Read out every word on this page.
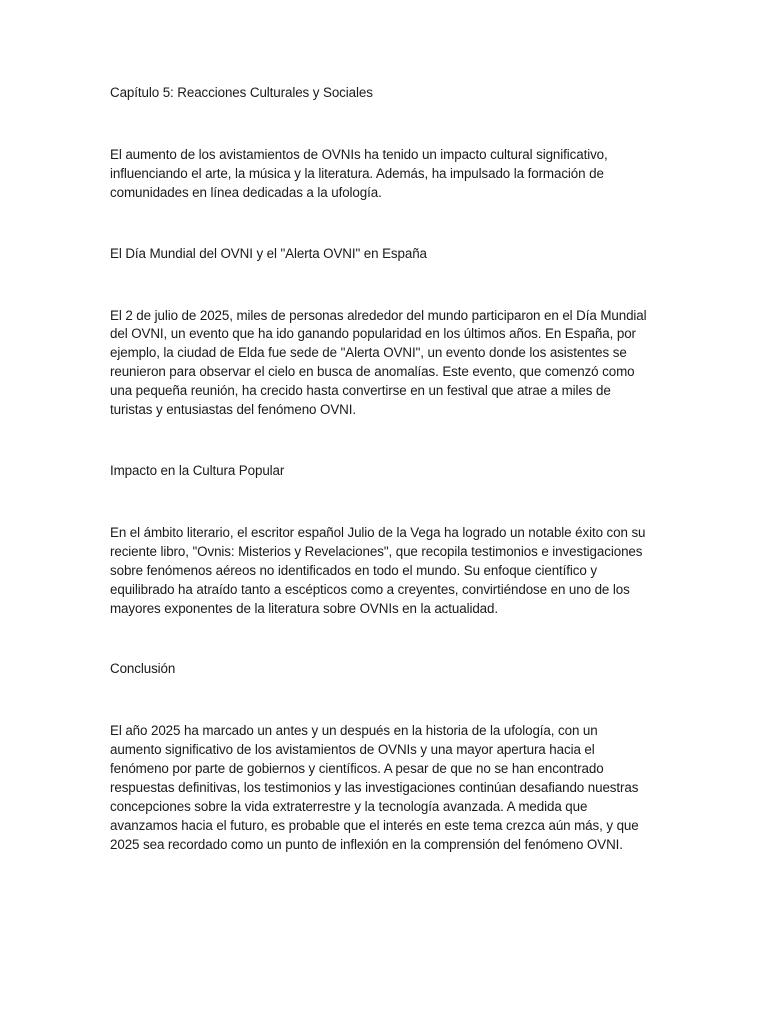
Capítulo 5: Reacciones Culturales y Sociales

El aumento de los avistamientos de OVNIs ha tenido un impacto cultural significativo, influenciando el arte, la música y la literatura. Además, ha impulsado la formación de comunidades en línea dedicadas a la ufología.

El Día Mundial del OVNI y el "Alerta OVNI" en España

El 2 de julio de 2025, miles de personas alrededor del mundo participaron en el Día Mundial del OVNI, un evento que ha ido ganando popularidad en los últimos años. En España, por ejemplo, la ciudad de Elda fue sede de "Alerta OVNI", un evento donde los asistentes se reunieron para observar el cielo en busca de anomalías. Este evento, que comenzó como una pequeña reunión, ha crecido hasta convertirse en un festival que atrae a miles de turistas y entusiastas del fenómeno OVNI.

Impacto en la Cultura Popular

En el ámbito literario, el escritor español Julio de la Vega ha logrado un notable éxito con su reciente libro, "Ovnis: Misterios y Revelaciones", que recopila testimonios e investigaciones sobre fenómenos aéreos no identificados en todo el mundo. Su enfoque científico y equilibrado ha atraído tanto a escépticos como a creyentes, convirtiéndose en uno de los mayores exponentes de la literatura sobre OVNIs en la actualidad.

Conclusión

El año 2025 ha marcado un antes y un después en la historia de la ufología, con un aumento significativo de los avistamientos de OVNIs y una mayor apertura hacia el fenómeno por parte de gobiernos y científicos. A pesar de que no se han encontrado respuestas definitivas, los testimonios y las investigaciones continúan desafiando nuestras concepciones sobre la vida extraterrestre y la tecnología avanzada. A medida que avanzamos hacia el futuro, es probable que el interés en este tema crezca aún más, y que 2025 sea recordado como un punto de inflexión en la comprensión del fenómeno OVNI.
